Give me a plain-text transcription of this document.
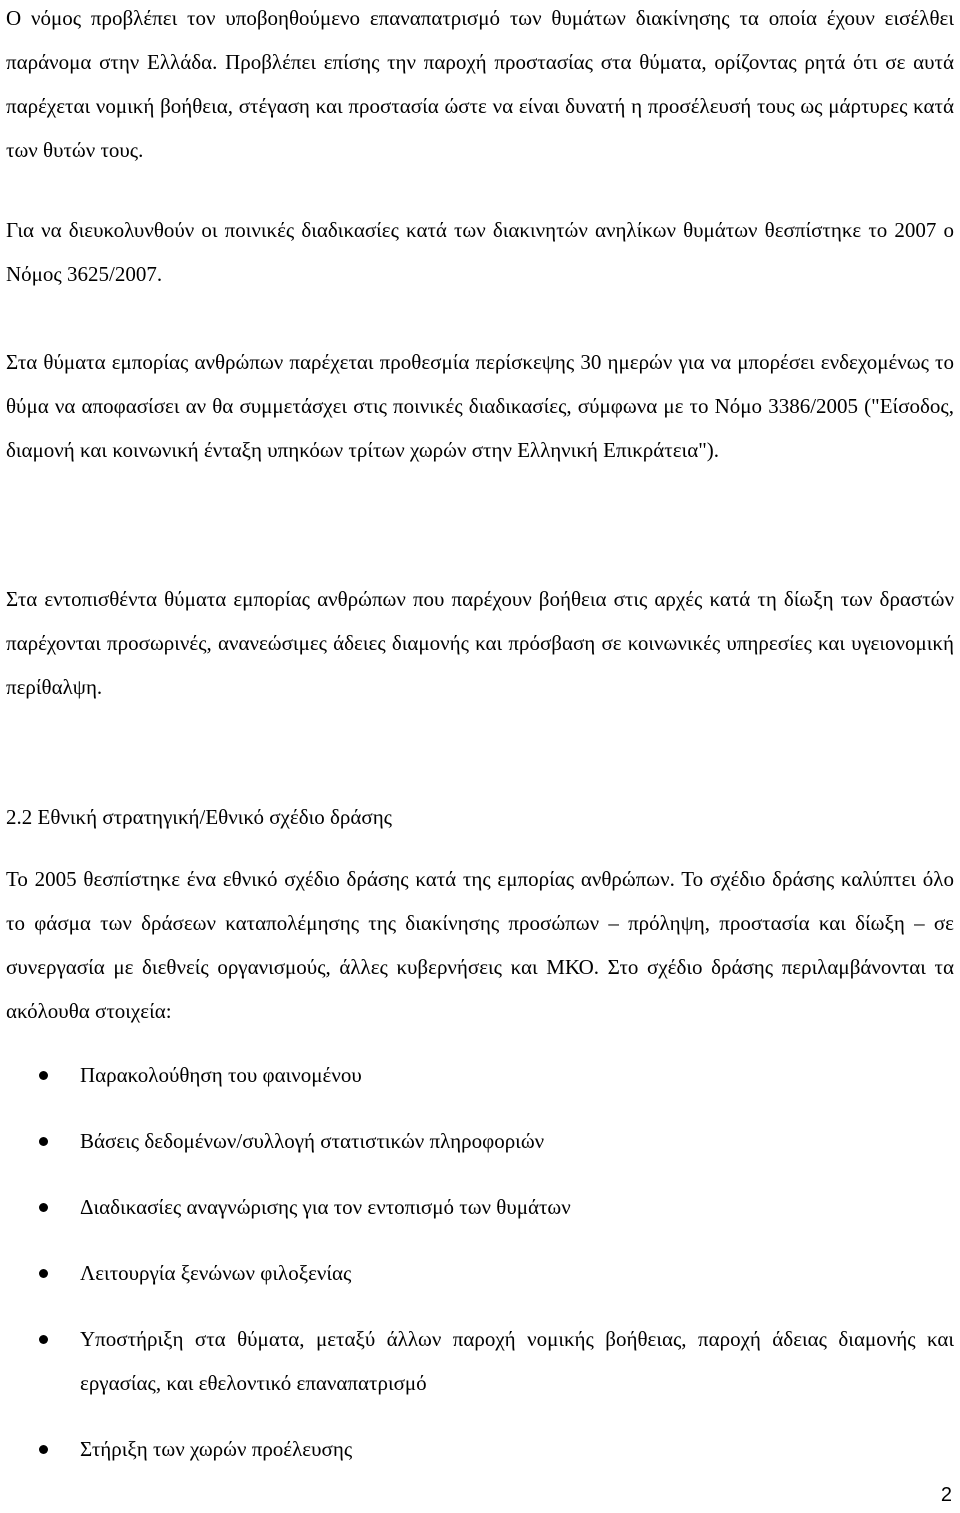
Ο νόμος προβλέπει τον υποβοηθούμενο επαναπατρισμό των θυμάτων διακίνησης τα οποία έχουν εισέλθει παράνομα στην Ελλάδα. Προβλέπει επίσης την παροχή προστασίας στα θύματα, ορίζοντας ρητά ότι σε αυτά παρέχεται νομική βοήθεια, στέγαση και προστασία ώστε να είναι δυνατή η προσέλευσή τους ως μάρτυρες κατά των θυτών τους.

Για να διευκολυνθούν οι ποινικές διαδικασίες κατά των διακινητών ανηλίκων θυμάτων θεσπίστηκε το 2007 ο Νόμος 3625/2007.

Στα θύματα εμπορίας ανθρώπων παρέχεται προθεσμία περίσκεψης 30 ημερών για να μπορέσει ενδεχομένως το θύμα να αποφασίσει αν θα συμμετάσχει στις ποινικές διαδικασίες, σύμφωνα με το Νόμο 3386/2005 ("Είσοδος, διαμονή και κοινωνική ένταξη υπηκόων τρίτων χωρών στην Ελληνική Επικράτεια").

Στα εντοπισθέντα θύματα εμπορίας ανθρώπων που παρέχουν βοήθεια στις αρχές κατά τη δίωξη των δραστών παρέχονται προσωρινές, ανανεώσιμες άδειες διαμονής και πρόσβαση σε κοινωνικές υπηρεσίες και υγειονομική περίθαλψη.

2.2 Εθνική στρατηγική/Εθνικό σχέδιο δράσης

Το 2005 θεσπίστηκε ένα εθνικό σχέδιο δράσης κατά της εμπορίας ανθρώπων. Το σχέδιο δράσης καλύπτει όλο το φάσμα των δράσεων καταπολέμησης της διακίνησης προσώπων – πρόληψη, προστασία και δίωξη – σε συνεργασία με διεθνείς οργανισμούς, άλλες κυβερνήσεις και ΜΚΟ. Στο σχέδιο δράσης περιλαμβάνονται τα ακόλουθα στοιχεία:

Παρακολούθηση του φαινομένου
Βάσεις δεδομένων/συλλογή στατιστικών πληροφοριών
Διαδικασίες αναγνώρισης για τον εντοπισμό των θυμάτων
Λειτουργία ξενώνων φιλοξενίας
Υποστήριξη στα θύματα, μεταξύ άλλων παροχή νομικής βοήθειας, παροχή άδειας διαμονής και εργασίας, και εθελοντικό επαναπατρισμό
Στήριξη των χωρών προέλευσης
2
